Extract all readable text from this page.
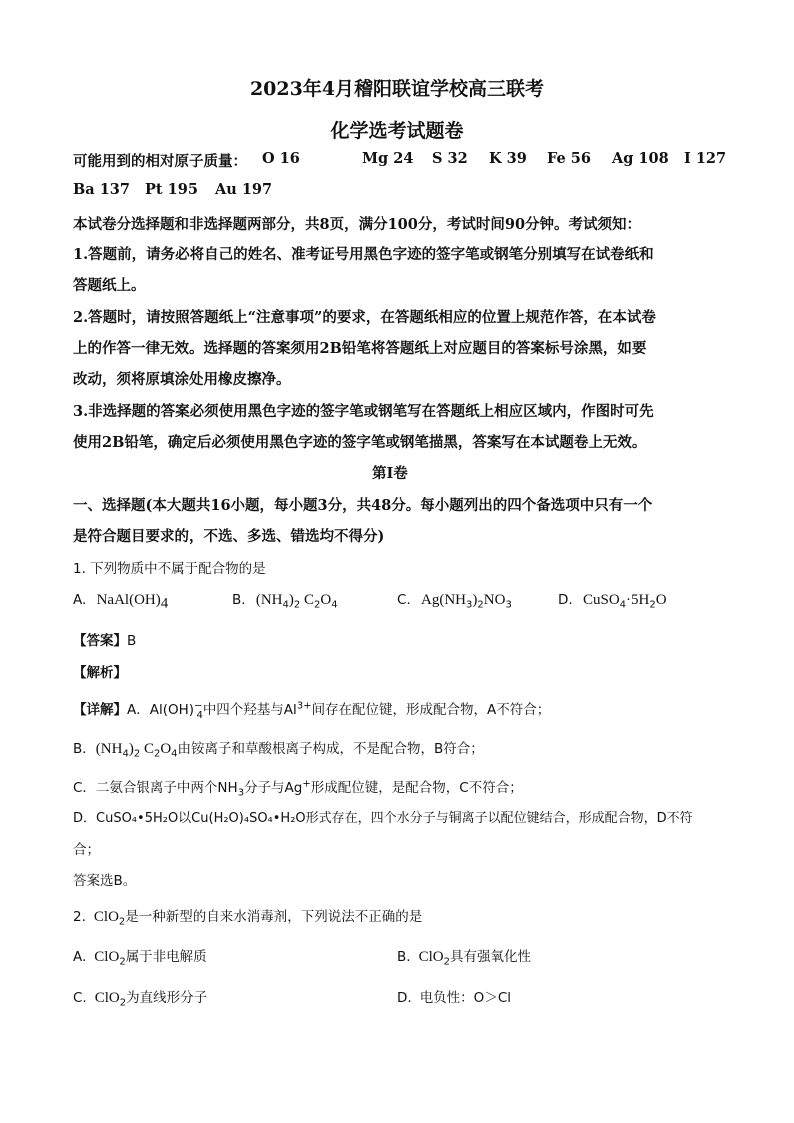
2023年4月稽阳联谊学校高三联考
化学选考试题卷
可能用到的相对原子质量： O 16	Mg 24 S 32 K 39 Fe 56 Ag 108 I 127
Ba 137 Pt 195 Au 197
本试卷分选择题和非选择题两部分，共8页，满分100分，考试时间90分钟。考试须知：
1.答题前，请务必将自己的姓名、准考证号用黑色字迹的签字笔或钢笔分别填写在试卷纸和
答题纸上。
2.答题时，请按照答题纸上“注意事项”的要求，在答题纸相应的位置上规范作答，在本试卷
上的作答一律无效。选择题的答案须用2B铅笔将答题纸上对应题目的答案标号涂黑，如要
改动，须将原填涂处用橡皮擦净。
3.非选择题的答案必须使用黑色字迹的签字笔或钢笔写在答题纸上相应区域内，作图时可先
使用2B铅笔，确定后必须使用黑色字迹的签字笔或钢笔描黑，答案写在本试题卷上无效。
第Ⅰ卷
一、选择题(本大题共16小题，每小题3分，共48分。每小题列出的四个备选项中只有一个
是符合题目要求的，不选、多选、错选均不得分)
1. 下列物质中不属于配合物的是
A. $NaAl(OH)_4$	B. $(NH_4)_2$ $C_2O_4$	C. $Ag(NH_3)_2NO_3$	D. $CuSO_4\cdot 5H_2O$
【答案】B
【解析】
【详解】A．$Al(OH)^-_4$中四个羟基与$Al^{3+}$间存在配位键，形成配合物，A不符合；
B．$(NH_4)_2$ $C_2O_4$由铵离子和草酸根离子构成，不是配合物，B符合；
C．二氨合银离子中两个$NH_3$分子与Ag+形成配位键，是配合物，C不符合；
D．CuSO₄•5H₂O以Cu(H₂O)₄SO₄•H₂O形式存在，四个水分子与铜离子以配位键结合，形成配合物，D不符
合；
答案选B。
2. ClO$_2$是一种新型的自来水消毒剂，下列说法不正确的是
A. ClO$_2$属于非电解质	B. ClO$_2$具有强氧化性
C. ClO$_2$为直线形分子	D. 电负性：O＞Cl
